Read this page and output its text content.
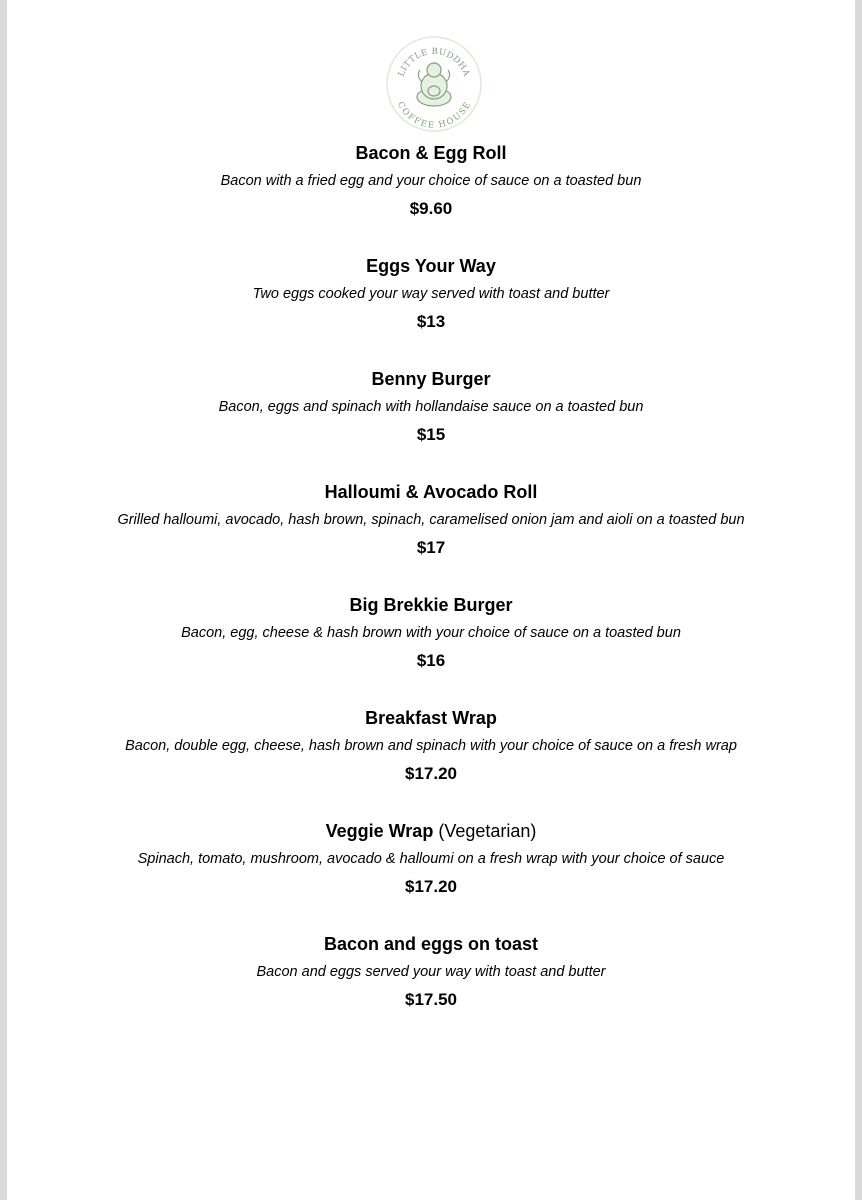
LITTLE BUDDHA
COFFEE HOUSE

Bacon & Egg Roll

Bacon with a fried egg and your choice of sauce on a toasted bun

$9.60

Eggs Your Way

Two eggs cooked your way served with toast and butter

$13

Benny Burger

Bacon, eggs and spinach with hollandaise sauce on a toasted bun

$15

Halloumi & Avocado Roll

Grilled halloumi, avocado, hash brown, spinach, caramelised onion jam and aioli on a toasted bun

$17

Big Brekkie Burger

Bacon, egg, cheese & hash brown with your choice of sauce on a toasted bun

$16

Breakfast Wrap

Bacon, double egg, cheese, hash brown and spinach with your choice of sauce on a fresh wrap

$17.20

Veggie Wrap (Vegetarian)

Spinach, tomato, mushroom, avocado & halloumi on a fresh wrap with your choice of sauce

$17.20

Bacon and eggs on toast

Bacon and eggs served your way with toast and butter

$17.50
